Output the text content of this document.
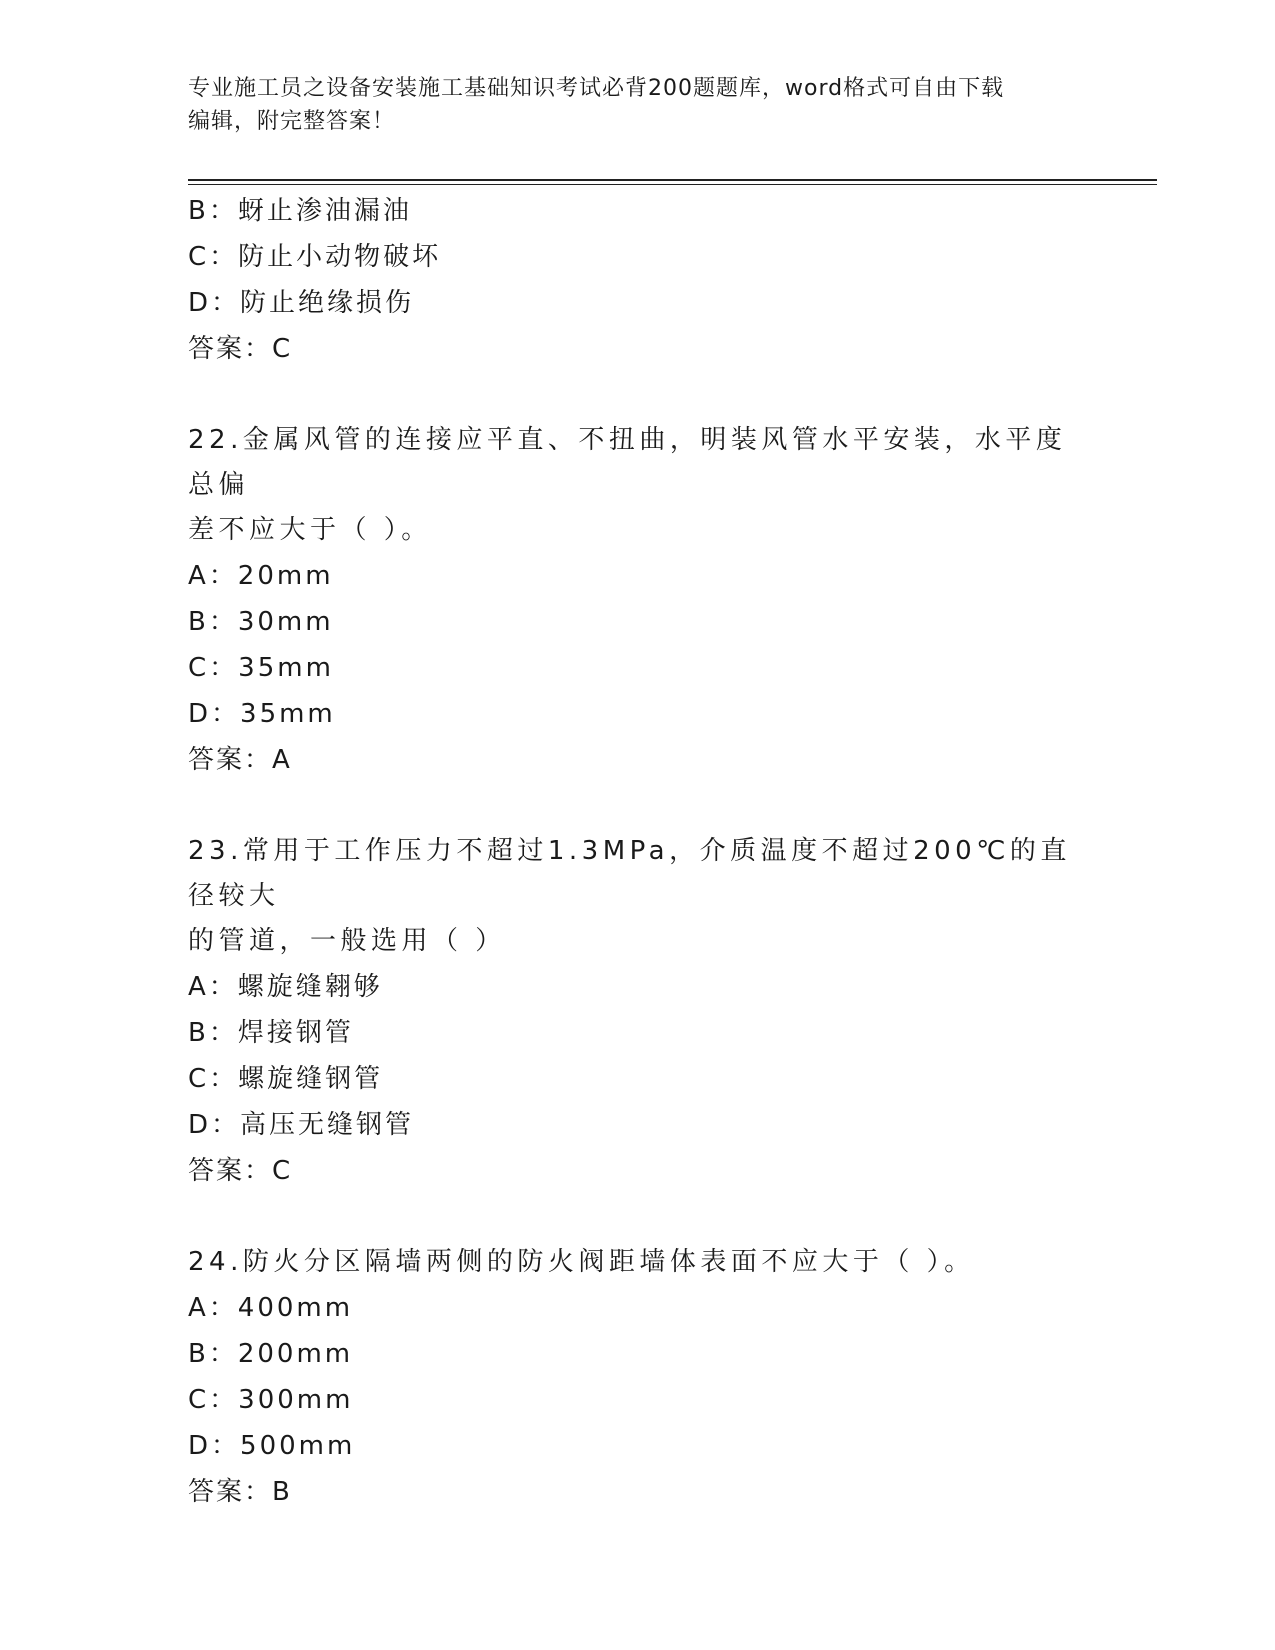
专业施工员之设备安装施工基础知识考试必背200题题库，word格式可自由下载
编辑，附完整答案！
B：蚜止渗油漏油
C：防止小动物破坏
D：防止绝缘损伤
答案：C
22.金属风管的连接应平直、不扭曲，明装风管水平安装，水平度总偏
差不应大于（ ）。
A：20mm
B：30mm
C：35mm
D：35mm
答案：A
23.常用于工作压力不超过1.3MPa，介质温度不超过200℃的直径较大
的管道，一般选用（ ）
A：螺旋缝翱够
B：焊接钢管
C：螺旋缝钢管
D：高压无缝钢管
答案：C
24.防火分区隔墙两侧的防火阀距墙体表面不应大于（ ）。
A：400mm
B：200mm
C：300mm
D：500mm
答案：B
